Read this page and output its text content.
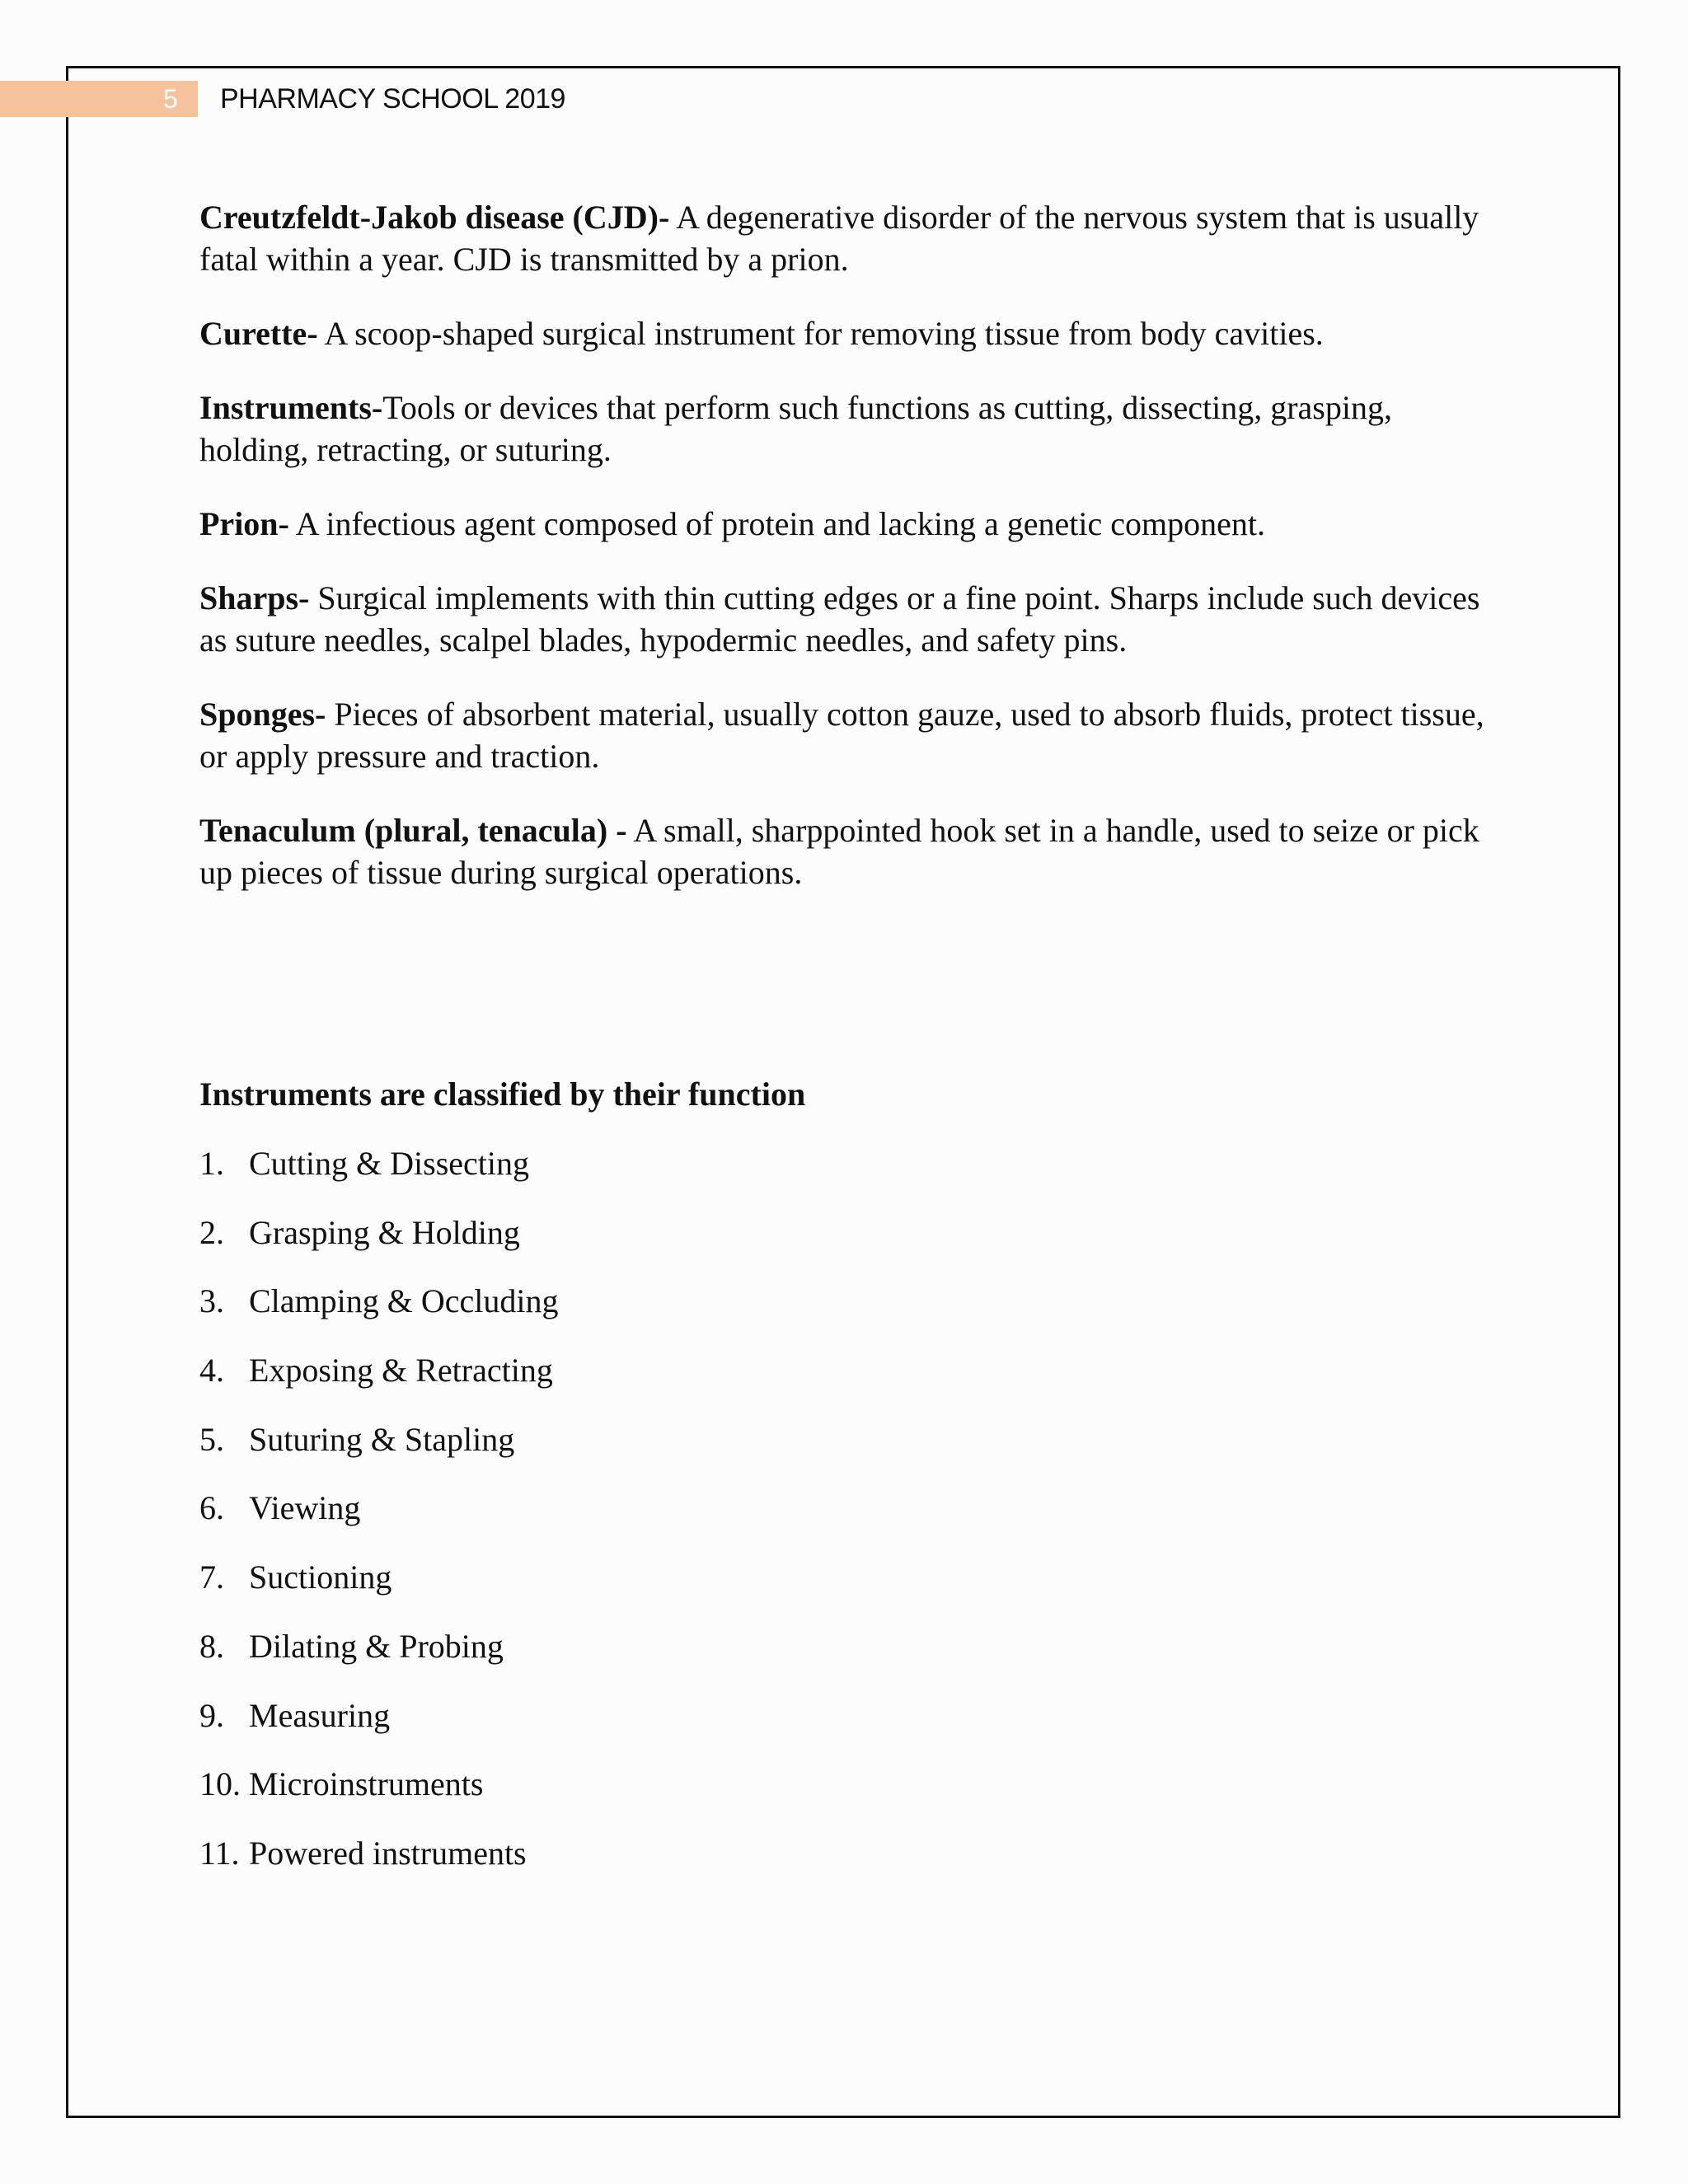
5 PHARMACY SCHOOL 2019

Creutzfeldt-Jakob disease (CJD)- A degenerative disorder of the nervous system that is usually fatal within a year. CJD is transmitted by a prion.

Curette- A scoop-shaped surgical instrument for removing tissue from body cavities.

Instruments-Tools or devices that perform such functions as cutting, dissecting, grasping, holding, retracting, or suturing.

Prion- A infectious agent composed of protein and lacking a genetic component.

Sharps- Surgical implements with thin cutting edges or a fine point. Sharps include such devices as suture needles, scalpel blades, hypodermic needles, and safety pins.

Sponges- Pieces of absorbent material, usually cotton gauze, used to absorb fluids, protect tissue, or apply pressure and traction.

Tenaculum (plural, tenacula) - A small, sharppointed hook set in a handle, used to seize or pick up pieces of tissue during surgical operations.

Instruments are classified by their function

1. Cutting & Dissecting
2. Grasping & Holding
3. Clamping & Occluding
4. Exposing & Retracting
5. Suturing & Stapling
6. Viewing
7. Suctioning
8. Dilating & Probing
9. Measuring
10. Microinstruments
11. Powered instruments
